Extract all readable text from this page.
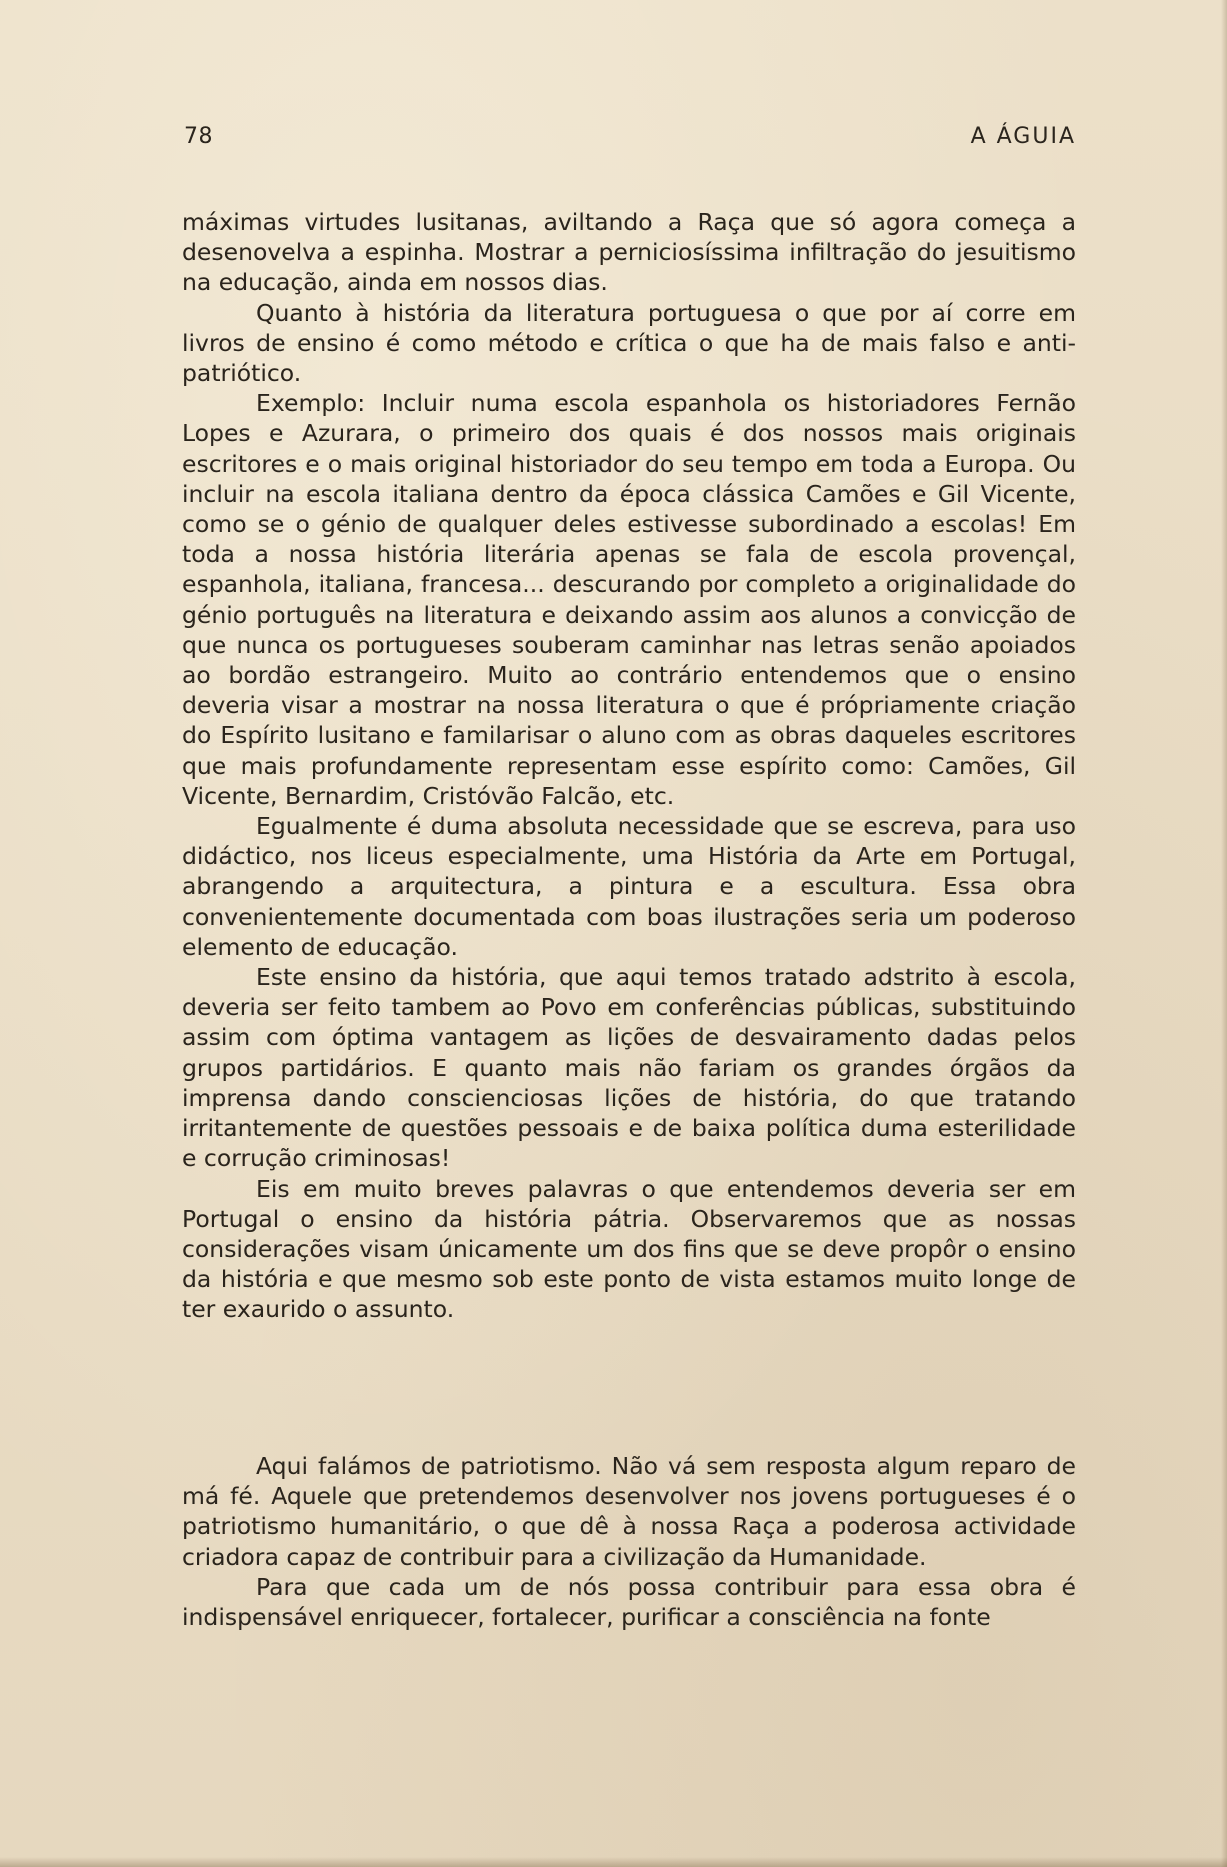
78	A ÁGUIA

máximas virtudes lusitanas, aviltando a Raça que só agora começa a desenovelva a espinha. Mostrar a perniciosíssima infiltração do jesuitismo na educação, ainda em nossos dias.

Quanto à história da literatura portuguesa o que por aí corre em livros de ensino é como método e crítica o que ha de mais falso e anti-patriótico.

Exemplo: Incluir numa escola espanhola os historiadores Fernão Lopes e Azurara, o primeiro dos quais é dos nossos mais originais escritores e o mais original historiador do seu tempo em toda a Europa. Ou incluir na escola italiana dentro da época clássica Camões e Gil Vicente, como se o génio de qualquer deles estivesse subordinado a escolas! Em toda a nossa história literária apenas se fala de escola provençal, espanhola, italiana, francesa... descurando por completo a originalidade do génio português na literatura e deixando assim aos alunos a convicção de que nunca os portugueses souberam caminhar nas letras senão apoiados ao bordão estrangeiro. Muito ao contrário entendemos que o ensino deveria visar a mostrar na nossa literatura o que é própriamente criação do Espírito lusitano e familarisar o aluno com as obras daqueles escritores que mais profundamente representam esse espírito como: Camões, Gil Vicente, Bernardim, Cristóvão Falcão, etc.

Egualmente é duma absoluta necessidade que se escreva, para uso didáctico, nos liceus especialmente, uma História da Arte em Portugal, abrangendo a arquitectura, a pintura e a escultura. Essa obra convenientemente documentada com boas ilustrações seria um poderoso elemento de educação.

Este ensino da história, que aqui temos tratado adstrito à escola, deveria ser feito tambem ao Povo em conferências públicas, substituindo assim com óptima vantagem as lições de desvairamento dadas pelos grupos partidários. E quanto mais não fariam os grandes órgãos da imprensa dando conscienciosas lições de história, do que tratando irritantemente de questões pessoais e de baixa política duma esterilidade e corrução criminosas!

Eis em muito breves palavras o que entendemos deveria ser em Portugal o ensino da história pátria. Observaremos que as nossas considerações visam únicamente um dos fins que se deve propôr o ensino da história e que mesmo sob este ponto de vista estamos muito longe de ter exaurido o assunto.

Aqui falámos de patriotismo. Não vá sem resposta algum reparo de má fé. Aquele que pretendemos desenvolver nos jovens portugueses é o patriotismo humanitário, o que dê à nossa Raça a poderosa actividade criadora capaz de contribuir para a civilização da Humanidade.

Para que cada um de nós possa contribuir para essa obra é indispensável enriquecer, fortalecer, purificar a consciência na fonte
